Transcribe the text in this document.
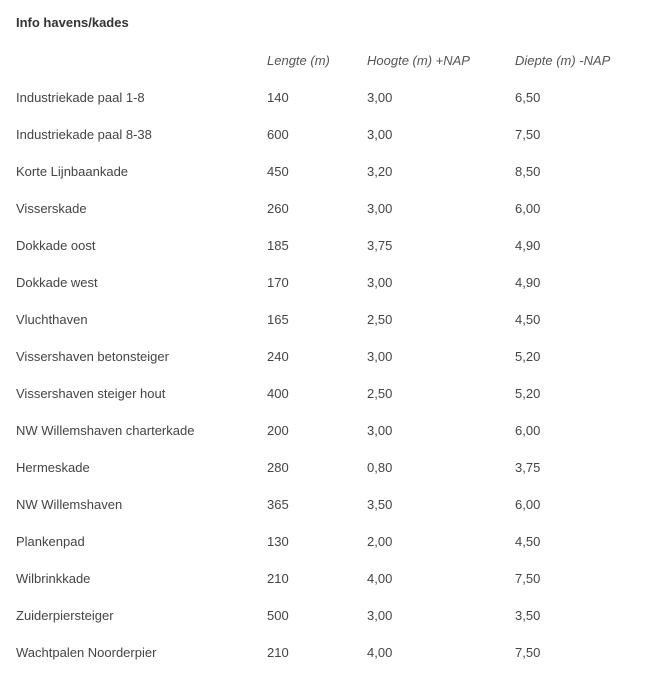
Info havens/kades
	Lengte (m)	Hoogte (m) +NAP	Diepte (m) -NAP
Industriekade paal 1-8	140	3,00	6,50
Industriekade paal 8-38	600	3,00	7,50
Korte Lijnbaankade	450	3,20	8,50
Visserskade	260	3,00	6,00
Dokkade oost	185	3,75	4,90
Dokkade west	170	3,00	4,90
Vluchthaven	165	2,50	4,50
Vissershaven betonsteiger	240	3,00	5,20
Vissershaven steiger hout	400	2,50	5,20
NW Willemshaven charterkade	200	3,00	6,00
Hermeskade	280	0,80	3,75
NW Willemshaven	365	3,50	6,00
Plankenpad	130	2,00	4,50
Wilbrinkkade	210	4,00	7,50
Zuiderpiersteiger	500	3,00	3,50
Wachtpalen Noorderpier	210	4,00	7,50
